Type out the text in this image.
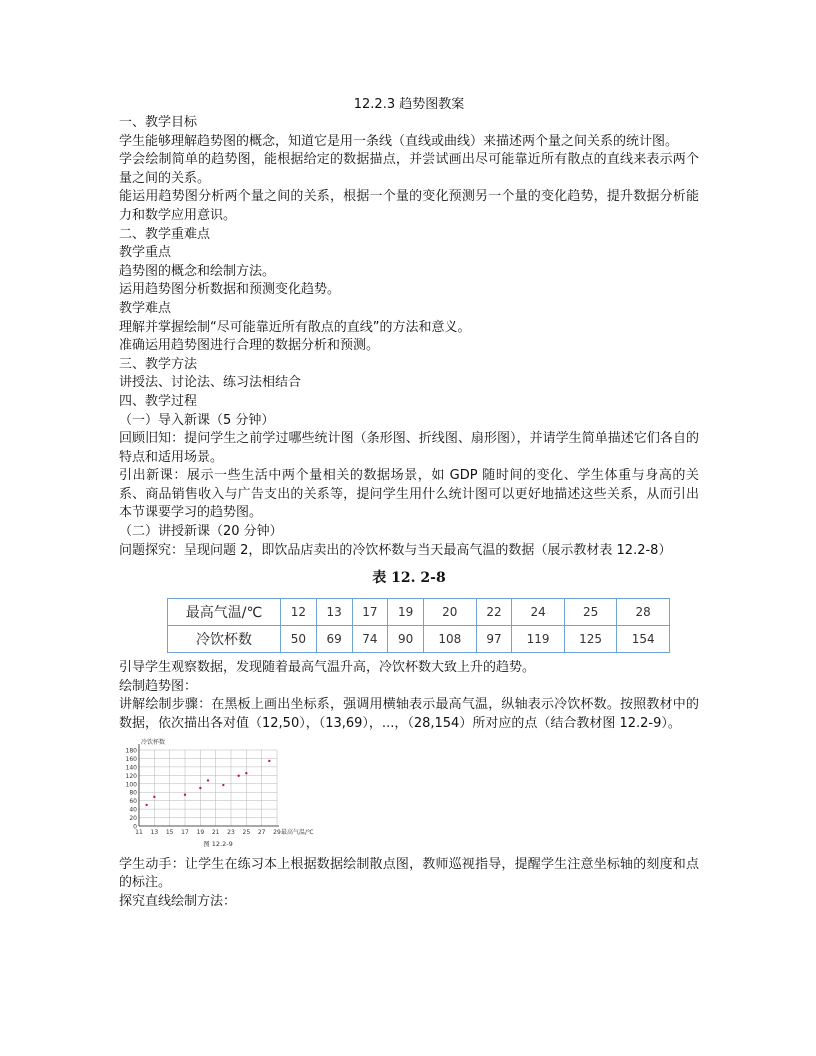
12.2.3 趋势图教案

一、教学目标

学生能够理解趋势图的概念，知道它是用一条线（直线或曲线）来描述两个量之间关系的统计图。

学会绘制简单的趋势图，能根据给定的数据描点，并尝试画出尽可能靠近所有散点的直线来表示两个量之间的关系。

能运用趋势图分析两个量之间的关系，根据一个量的变化预测另一个量的变化趋势，提升数据分析能力和数学应用意识。

二、教学重难点

教学重点

趋势图的概念和绘制方法。

运用趋势图分析数据和预测变化趋势。

教学难点

理解并掌握绘制“尽可能靠近所有散点的直线”的方法和意义。

准确运用趋势图进行合理的数据分析和预测。

三、教学方法

讲授法、讨论法、练习法相结合

四、教学过程

（一）导入新课（5 分钟）

回顾旧知：提问学生之前学过哪些统计图（条形图、折线图、扇形图），并请学生简单描述它们各自的特点和适用场景。

引出新课：展示一些生活中两个量相关的数据场景，如 GDP 随时间的变化、学生体重与身高的关系、商品销售收入与广告支出的关系等，提问学生用什么统计图可以更好地描述这些关系，从而引出本节课要学习的趋势图。

（二）讲授新课（20 分钟）

问题探究：呈现问题 2，即饮品店卖出的冷饮杯数与当天最高气温的数据（展示教材表 12.2-8）

表 12. 2-8
最高气温/℃	12	13	17	19	20	22	24	25	28
冷饮杯数	50	69	74	90	108	97	119	125	154

引导学生观察数据，发现随着最高气温升高，冷饮杯数大致上升的趋势。

绘制趋势图：

讲解绘制步骤：在黑板上画出坐标系，强调用横轴表示最高气温，纵轴表示冷饮杯数。按照教材中的数据，依次描出各对值（12,50），（13,69），...，（28,154）所对应的点（结合教材图 12.2-9）。

0
20
40
60
80
100
120
140
160
180
11 13 15 17 19 21 23 25 27 29
冷饮杯数
最高气温/℃
图 12.2-9

学生动手：让学生在练习本上根据数据绘制散点图，教师巡视指导，提醒学生注意坐标轴的刻度和点的标注。

探究直线绘制方法：
